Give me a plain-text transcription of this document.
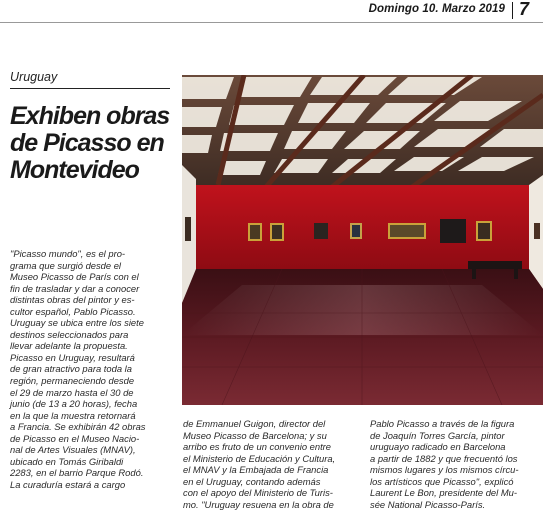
Domingo 10. Marzo 2019 7
Uruguay
Exhiben obras de Picasso en Montevideo
"Picasso mundo", es el pro-
grama que surgió desde el
Museo Picasso de París con el
fin de trasladar y dar a conocer
distintas obras del pintor y es-
cultor español, Pablo Picasso.
Uruguay se ubica entre los siete
destinos seleccionados para
llevar adelante la propuesta.
Picasso en Uruguay, resultará
de gran atractivo para toda la
región, permaneciendo desde
el 29 de marzo hasta el 30 de
junio (de 13 a 20 horas), fecha
en la que la muestra retornará
a Francia. Se exhibirán 42 obras
de Picasso en el Museo Nacio-
nal de Artes Visuales (MNAV),
ubicado en Tomás Giribaldi
2283, en el barrio Parque Rodó.
La curaduría estará a cargo
de Emmanuel Guigon, director del
Museo Picasso de Barcelona; y su
arribo es fruto de un convenio entre
el Ministerio de Educación y Cultura,
el MNAV y la Embajada de Francia
en el Uruguay, contando además
con el apoyo del Ministerio de Turis-
mo. "Uruguay resuena en la obra de
Pablo Picasso a través de la figura
de Joaquín Torres García, pintor
uruguayo radicado en Barcelona
a partir de 1882 y que frecuentó los
mismos lugares y los mismos círcu-
los artísticos que Picasso", explicó
Laurent Le Bon, presidente del Mu-
sée National Picasso-París.
